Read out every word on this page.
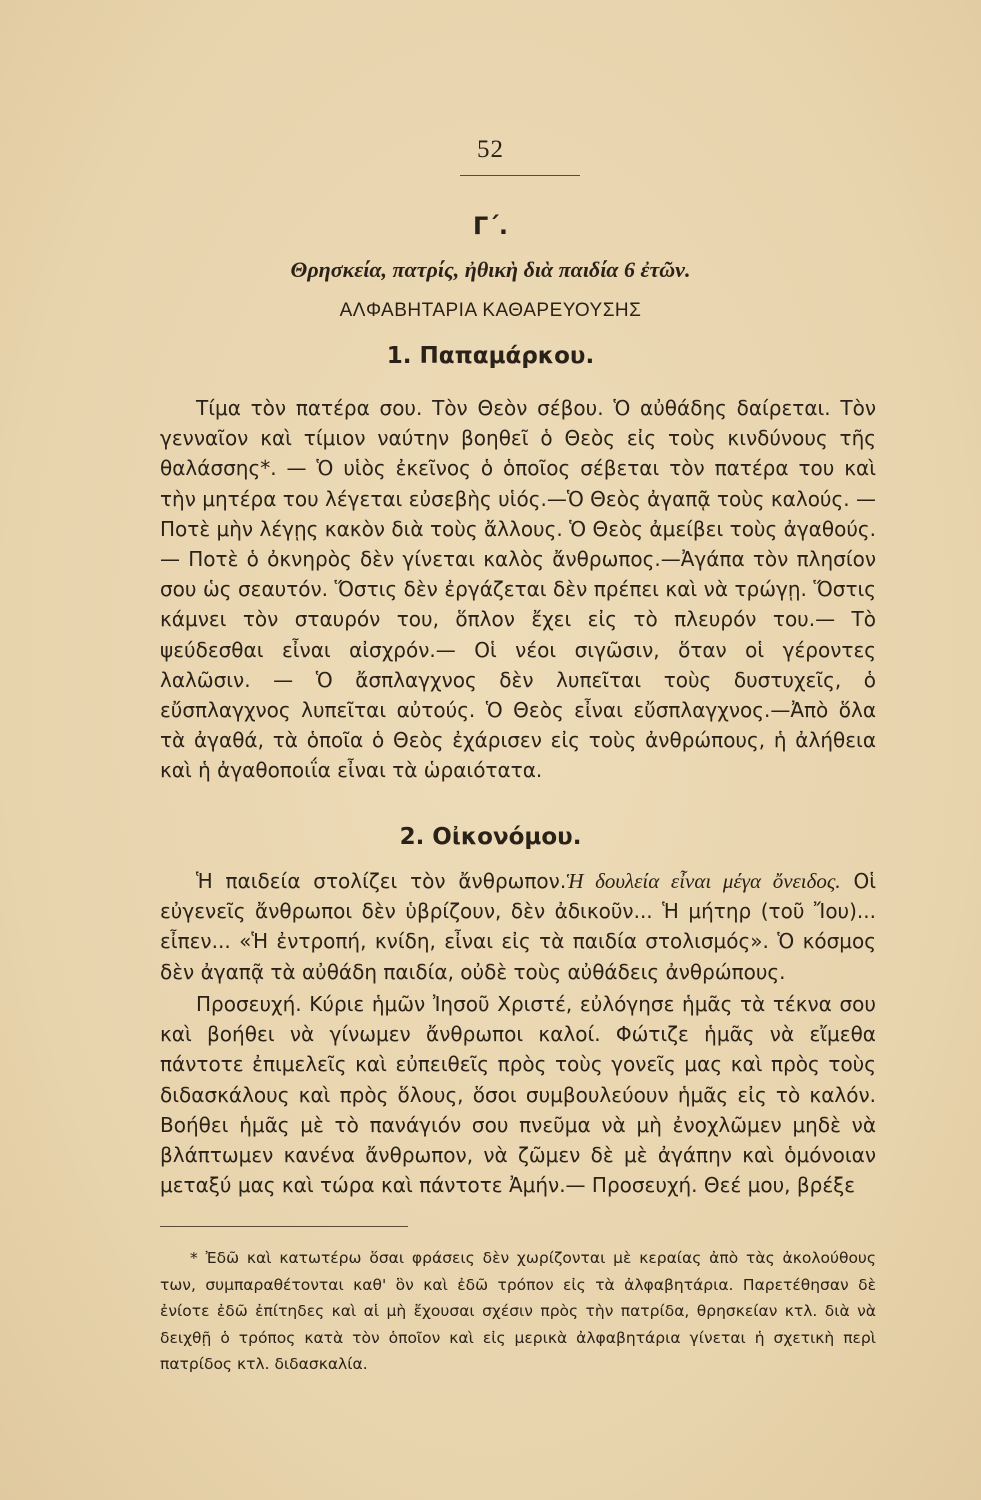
52
Γ΄.
Θρησκεία, πατρίς, ἠθικὴ διὰ παιδία 6 ἐτῶν.
ΑΛΦΑΒΗΤΑΡΙΑ ΚΑΘΑΡΕΥΟΥΣΗΣ
1. Παπαμάρκου.
Τίμα τὸν πατέρα σου. Τὸν Θεὸν σέβου. Ὁ αὐθάδης δαίρεται. Τὸν γενναῖον καὶ τίμιον ναύτην βοηθεῖ ὁ Θεὸς εἰς τοὺς κινδύνους τῆς θαλάσσης*. — Ὁ υἱὸς ἐκεῖνος ὁ ὁποῖος σέβεται τὸν πατέρα του καὶ τὴν μητέρα του λέγεται εὐσεβὴς υἱός.—Ὁ Θεὸς ἀγαπᾷ τοὺς καλούς. — Ποτὲ μὴν λέγῃς κακὸν διὰ τοὺς ἄλλους. Ὁ Θεὸς ἀμείβει τοὺς ἀγαθούς.— Ποτὲ ὁ ὀκνηρὸς δὲν γίνεται καλὸς ἄνθρωπος.—Ἀγάπα τὸν πλησίον σου ὡς σεαυτόν. Ὅστις δὲν ἐργάζεται δὲν πρέπει καὶ νὰ τρώγῃ. Ὅστις κάμνει τὸν σταυρόν του, ὅπλον ἔχει εἰς τὸ πλευρόν του.— Τὸ ψεύδεσθαι εἶναι αἰσχρόν.— Οἱ νέοι σιγῶσιν, ὅταν οἱ γέροντες λαλῶσιν. — Ὁ ἄσπλαγχνος δὲν λυπεῖται τοὺς δυστυχεῖς, ὁ εὔσπλαγχνος λυπεῖται αὐτούς. Ὁ Θεὸς εἶναι εὔσπλαγχνος.—Ἀπὸ ὅλα τὰ ἀγαθά, τὰ ὁποῖα ὁ Θεὸς ἐχάρισεν εἰς τοὺς ἀνθρώπους, ἡ ἀλήθεια καὶ ἡ ἀγαθοποιΐα εἶναι τὰ ὡραιότατα.
2. Οἰκονόμου.
Ἡ παιδεία στολίζει τὸν ἄνθρωπον.Ἡ δουλεία εἶναι μέγα ὄνειδος. Οἱ εὐγενεῖς ἄνθρωποι δὲν ὑβρίζουν, δὲν ἀδικοῦν... Ἡ μήτηρ (τοῦ Ἴου)... εἶπεν... «Ἡ ἐντροπή, κνίδη, εἶναι εἰς τὰ παιδία στολισμός». Ὁ κόσμος δὲν ἀγαπᾷ τὰ αὐθάδη παιδία, οὐδὲ τοὺς αὐθάδεις ἀνθρώπους.
Προσευχή. Κύριε ἡμῶν Ἰησοῦ Χριστέ, εὐλόγησε ἡμᾶς τὰ τέκνα σου καὶ βοήθει νὰ γίνωμεν ἄνθρωποι καλοί. Φώτιζε ἡμᾶς νὰ εἴμεθα πάντοτε ἐπιμελεῖς καὶ εὐπειθεῖς πρὸς τοὺς γονεῖς μας καὶ πρὸς τοὺς διδασκάλους καὶ πρὸς ὅλους, ὅσοι συμβουλεύουν ἡμᾶς εἰς τὸ καλόν. Βοήθει ἡμᾶς μὲ τὸ πανάγιόν σου πνεῦμα νὰ μὴ ἐνοχλῶμεν μηδὲ νὰ βλάπτωμεν κανένα ἄνθρωπον, νὰ ζῶμεν δὲ μὲ ἀγάπην καὶ ὁμόνοιαν μεταξύ μας καὶ τώρα καὶ πάντοτε Ἀμήν.— Προσευχή. Θεέ μου, βρέξε
* Ἐδῶ καὶ κατωτέρω ὅσαι φράσεις δὲν χωρίζονται μὲ κεραίας ἀπὸ τὰς ἀκολούθους των, συμπαραθέτονται καθ' ὃν καὶ ἐδῶ τρόπον εἰς τὰ ἀλφαβητάρια. Παρετέθησαν δὲ ἐνίοτε ἐδῶ ἐπίτηδες καὶ αἱ μὴ ἔχουσαι σχέσιν πρὸς τὴν πατρίδα, θρησκείαν κτλ. διὰ νὰ δειχθῇ ὁ τρόπος κατὰ τὸν ὁποῖον καὶ εἰς μερικὰ ἀλφαβητάρια γίνεται ἡ σχετικὴ περὶ πατρίδος κτλ. διδασκαλία.
